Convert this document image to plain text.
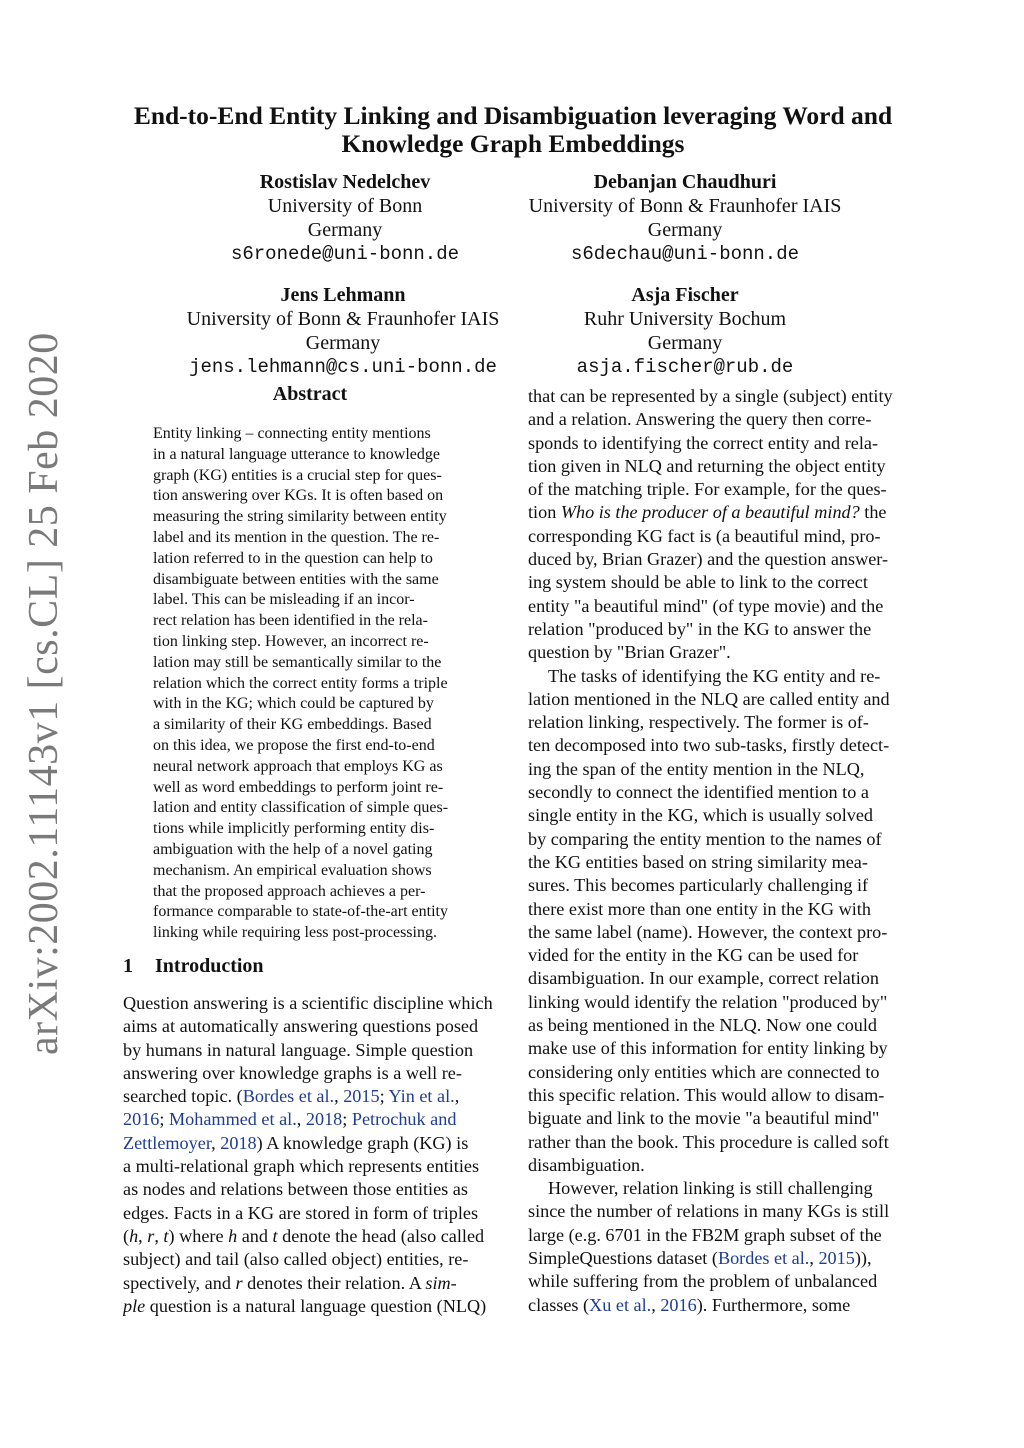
arXiv:2002.11143v1 [cs.CL] 25 Feb 2020
End-to-End Entity Linking and Disambiguation leveraging Word and
Knowledge Graph Embeddings
Rostislav Nedelchev
University of Bonn
Germany
s6ronede@uni-bonn.de
Debanjan Chaudhuri
University of Bonn & Fraunhofer IAIS
Germany
s6dechau@uni-bonn.de
Jens Lehmann
University of Bonn & Fraunhofer IAIS
Germany
jens.lehmann@cs.uni-bonn.de
Asja Fischer
Ruhr University Bochum
Germany
asja.fischer@rub.de
Abstract
Entity linking – connecting entity mentions
in a natural language utterance to knowledge
graph (KG) entities is a crucial step for ques-
tion answering over KGs. It is often based on
measuring the string similarity between entity
label and its mention in the question. The re-
lation referred to in the question can help to
disambiguate between entities with the same
label. This can be misleading if an incor-
rect relation has been identified in the rela-
tion linking step. However, an incorrect re-
lation may still be semantically similar to the
relation which the correct entity forms a triple
with in the KG; which could be captured by
a similarity of their KG embeddings. Based
on this idea, we propose the first end-to-end
neural network approach that employs KG as
well as word embeddings to perform joint re-
lation and entity classification of simple ques-
tions while implicitly performing entity dis-
ambiguation with the help of a novel gating
mechanism. An empirical evaluation shows
that the proposed approach achieves a per-
formance comparable to state-of-the-art entity
linking while requiring less post-processing.
1 Introduction
Question answering is a scientific discipline which
aims at automatically answering questions posed
by humans in natural language. Simple question
answering over knowledge graphs is a well re-
searched topic. (Bordes et al., 2015; Yin et al.,
2016; Mohammed et al., 2018; Petrochuk and
Zettlemoyer, 2018) A knowledge graph (KG) is
a multi-relational graph which represents entities
as nodes and relations between those entities as
edges. Facts in a KG are stored in form of triples
(h, r, t) where h and t denote the head (also called
subject) and tail (also called object) entities, re-
spectively, and r denotes their relation. A sim-
ple question is a natural language question (NLQ)
that can be represented by a single (subject) entity
and a relation. Answering the query then corre-
sponds to identifying the correct entity and rela-
tion given in NLQ and returning the object entity
of the matching triple. For example, for the ques-
tion Who is the producer of a beautiful mind? the
corresponding KG fact is (a beautiful mind, pro-
duced by, Brian Grazer) and the question answer-
ing system should be able to link to the correct
entity "a beautiful mind" (of type movie) and the
relation "produced by" in the KG to answer the
question by "Brian Grazer".
The tasks of identifying the KG entity and re-
lation mentioned in the NLQ are called entity and
relation linking, respectively. The former is of-
ten decomposed into two sub-tasks, firstly detect-
ing the span of the entity mention in the NLQ,
secondly to connect the identified mention to a
single entity in the KG, which is usually solved
by comparing the entity mention to the names of
the KG entities based on string similarity mea-
sures. This becomes particularly challenging if
there exist more than one entity in the KG with
the same label (name). However, the context pro-
vided for the entity in the KG can be used for
disambiguation. In our example, correct relation
linking would identify the relation "produced by"
as being mentioned in the NLQ. Now one could
make use of this information for entity linking by
considering only entities which are connected to
this specific relation. This would allow to disam-
biguate and link to the movie "a beautiful mind"
rather than the book. This procedure is called soft
disambiguation.
However, relation linking is still challenging
since the number of relations in many KGs is still
large (e.g. 6701 in the FB2M graph subset of the
SimpleQuestions dataset (Bordes et al., 2015)),
while suffering from the problem of unbalanced
classes (Xu et al., 2016). Furthermore, some
